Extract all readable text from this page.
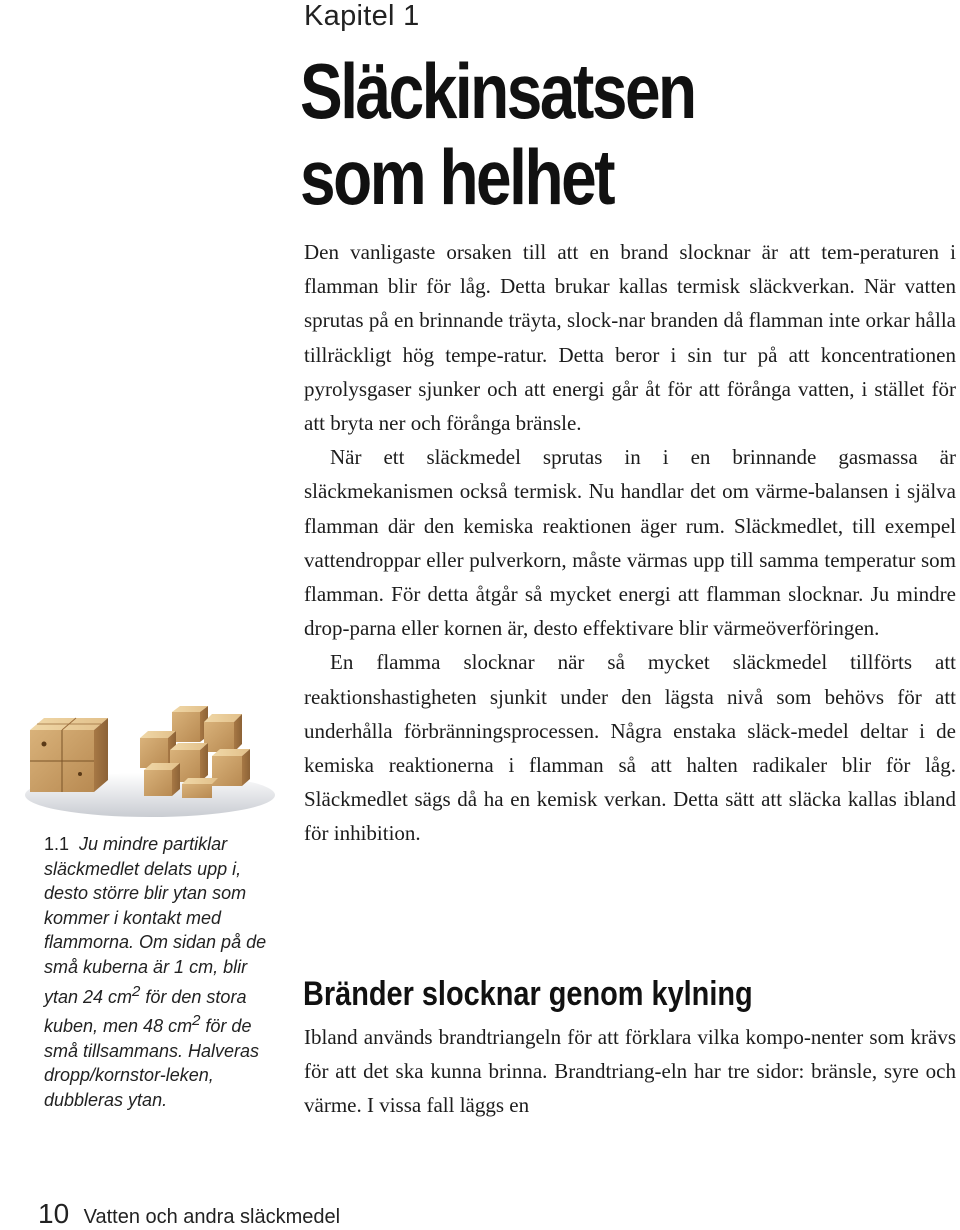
Kapitel 1
Släckinsatsen
som helhet

Den vanligaste orsaken till att en brand slocknar är att tem-peraturen i flamman blir för låg. Detta brukar kallas termisk släckverkan. När vatten sprutas på en brinnande träyta, slock-nar branden då flamman inte orkar hålla tillräckligt hög tempe-ratur. Detta beror i sin tur på att koncentrationen pyrolysgaser sjunker och att energi går åt för att förånga vatten, i stället för att bryta ner och förånga bränsle.

När ett släckmedel sprutas in i en brinnande gasmassa är släckmekanismen också termisk. Nu handlar det om värme-balansen i själva flamman där den kemiska reaktionen äger rum. Släckmedlet, till exempel vattendroppar eller pulverkorn, måste värmas upp till samma temperatur som flamman. För detta åtgår så mycket energi att flamman slocknar. Ju mindre drop-parna eller kornen är, desto effektivare blir värmeöverföringen.

En flamma slocknar när så mycket släckmedel tillförts att reaktionshastigheten sjunkit under den lägsta nivå som behövs för att underhålla förbränningsprocessen. Några enstaka släck-medel deltar i de kemiska reaktionerna i flamman så att halten radikaler blir för låg. Släckmedlet sägs då ha en kemisk verkan. Detta sätt att släcka kallas ibland för inhibition.

Bränder slocknar genom kylning

Ibland används brandtriangeln för att förklara vilka kompo-nenter som krävs för att det ska kunna brinna. Brandtriang-eln har tre sidor: bränsle, syre och värme. I vissa fall läggs en

1.1 Ju mindre partiklar släckmedlet delats upp i, desto större blir ytan som kommer i kontakt med flammorna. Om sidan på de små kuberna är 1 cm, blir ytan 24 $cm^2$ för den stora kuben, men 48 $cm^2$ för de små tillsammans. Halveras dropp/kornstor-leken, dubbleras ytan.
10 Vatten och andra släckmedel
